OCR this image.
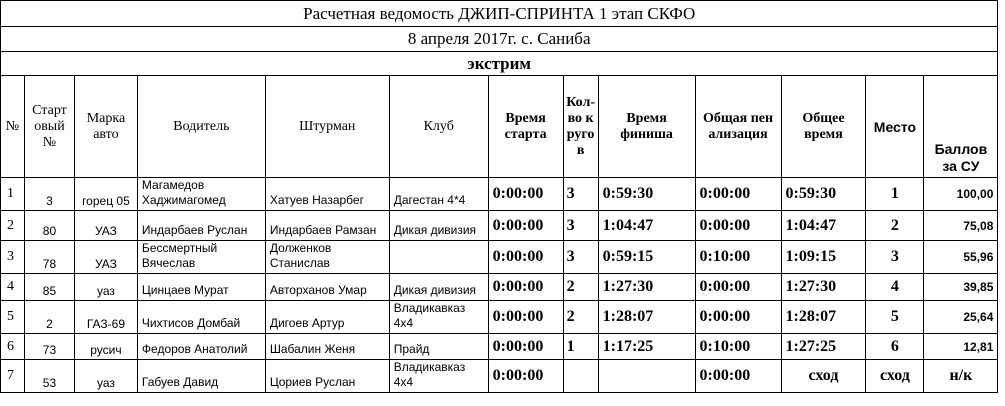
Расчетная ведомость ДЖИП-СПРИНТА 1 этап СКФО													
8 апреля 2017г. с. Саниба													
экстрим													
№	Стартовый №	Марка авто	Водитель	Штурман	Клуб	Время старта	Кол-во кругов	Время финиша	Общая пенализация	Общее время	Место	Баллов за СУ	

1	3	горец 05	Магамедов Хаджимагомед	Хатуев Назарбег	Дагестан 4*4	0:00:00	3	0:59:30	0:00:00	0:59:30	1	100,00	
2	80	УАЗ	Индарбаев Руслан	Индарбаев Рамзан	Дикая дивизия	0:00:00	3	1:04:47	0:00:00	1:04:47	2	75,08	
3	78	УАЗ	Бессмертный Вячеслав	Долженков Станислав		0:00:00	3	0:59:15	0:10:00	1:09:15	3	55,96	
4	85	уаз	Цинцаев Мурат	Авторханов Умар	Дикая дивизия	0:00:00	2	1:27:30	0:00:00	1:27:30	4	39,85	
5	2	ГАЗ-69	Чихтисов Домбай	Дигоев Артур	Владикавказ 4х4	0:00:00	2	1:28:07	0:00:00	1:28:07	5	25,64	
6	73	русич	Федоров Анатолий	Шабалин Женя	Прайд	0:00:00	1	1:17:25	0:10:00	1:27:25	6	12,81	
7	53	уаз	Габуев Давид	Цориев Руслан	Владикавказ 4х4	0:00:00			0:00:00	сход	сход	н/к	
